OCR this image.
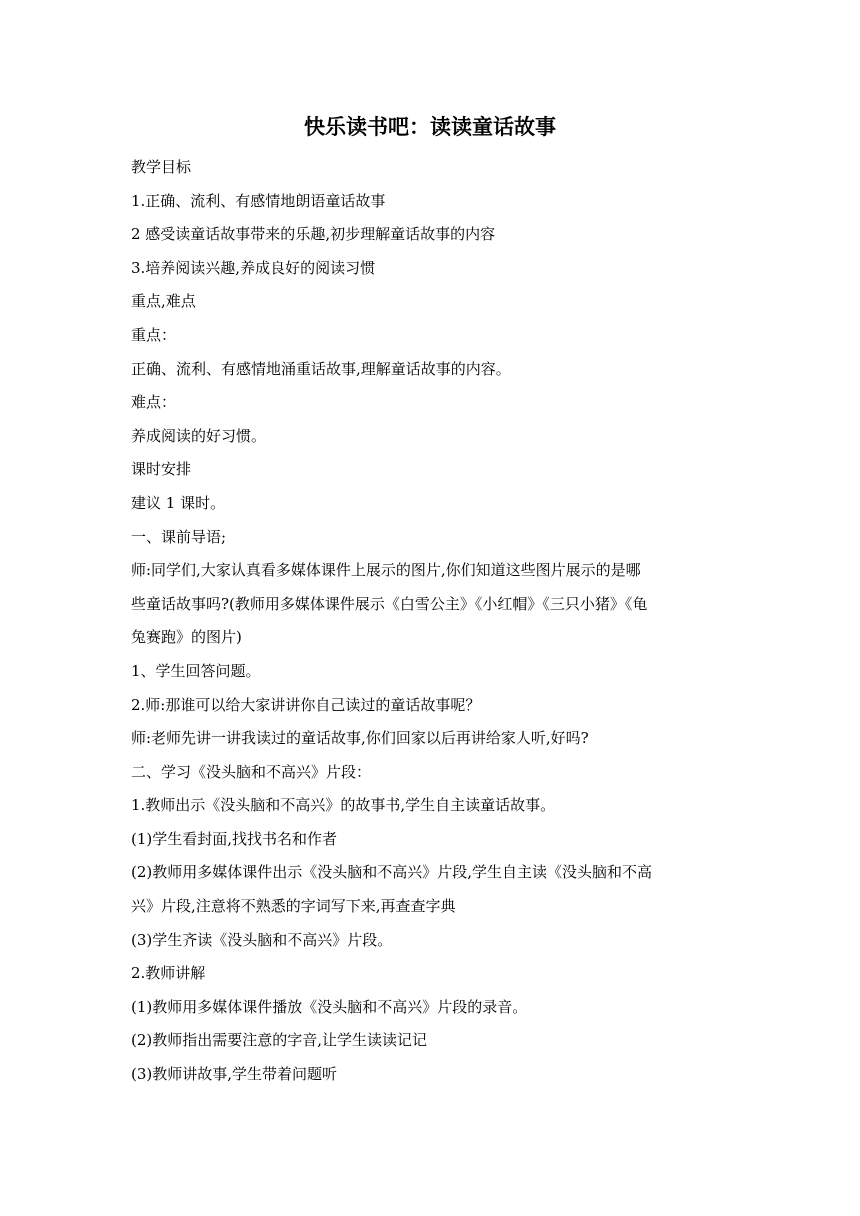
快乐读书吧：读读童话故事

教学目标

1.正确、流利、有感情地朗语童话故事

2 感受读童话故事带来的乐趣,初步理解童话故事的内容

3.培养阅读兴趣,养成良好的阅读习惯

重点,难点

重点：

正确、流利、有感情地涌重话故事,理解童话故事的内容。

难点：

养成阅读的好习惯。

课时安排

建议 1 课时。

一、课前导语;

师:同学们,大家认真看多媒体课件上展示的图片,你们知道这些图片展示的是哪

些童话故事吗?(教师用多媒体课件展示《白雪公主》《小红帽》《三只小猪》《龟

兔赛跑》的图片)

1、学生回答问题。

2.师:那谁可以给大家讲讲你自己读过的童话故事呢？

师:老师先讲一讲我读过的童话故事,你们回家以后再讲给家人听,好吗?

二、学习《没头脑和不高兴》片段：

1.教师出示《没头脑和不高兴》的故事书,学生自主读童话故事。

(1)学生看封面,找找书名和作者

(2)教师用多媒体课件出示《没头脑和不高兴》片段,学生自主读《没头脑和不高

兴》片段,注意将不熟悉的字词写下来,再查查字典

(3)学生齐读《没头脑和不高兴》片段。

2.教师讲解

(1)教师用多媒体课件播放《没头脑和不高兴》片段的录音。

(2)教师指出需要注意的字音,让学生读读记记

(3)教师讲故事,学生带着问题听
